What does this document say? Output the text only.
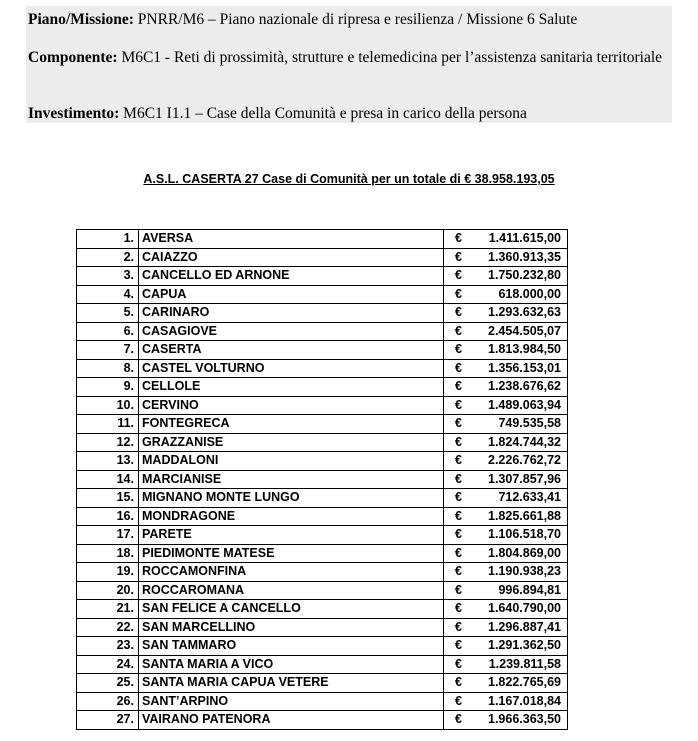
Piano/Missione: PNRR/M6 – Piano nazionale di ripresa e resilienza / Missione 6 Salute
Componente: M6C1 - Reti di prossimità, strutture e telemedicina per l’assistenza sanitaria territoriale
Investimento: M6C1 I1.1 – Case della Comunità e presa in carico della persona
A.S.L. CASERTA 27 Case di Comunità per un totale di € 38.958.193,05
1.	AVERSA	€	1.411.615,00
2.	CAIAZZO	€	1.360.913,35
3.	CANCELLO ED ARNONE	€	1.750.232,80
4.	CAPUA	€	618.000,00
5.	CARINARO	€	1.293.632,63
6.	CASAGIOVE	€	2.454.505,07
7.	CASERTA	€	1.813.984,50
8.	CASTEL VOLTURNO	€	1.356.153,01
9.	CELLOLE	€	1.238.676,62
10.	CERVINO	€	1.489.063,94
11.	FONTEGRECA	€	749.535,58
12.	GRAZZANISE	€	1.824.744,32
13.	MADDALONI	€	2.226.762,72
14.	MARCIANISE	€	1.307.857,96
15.	MIGNANO MONTE LUNGO	€	712.633,41
16.	MONDRAGONE	€	1.825.661,88
17.	PARETE	€	1.106.518,70
18.	PIEDIMONTE MATESE	€	1.804.869,00
19.	ROCCAMONFINA	€	1.190.938,23
20.	ROCCAROMANA	€	996.894,81
21.	SAN FELICE A CANCELLO	€	1.640.790,00
22.	SAN MARCELLINO	€	1.296.887,41
23.	SAN TAMMARO	€	1.291.362,50
24.	SANTA MARIA A VICO	€	1.239.811,58
25.	SANTA MARIA CAPUA VETERE	€	1.822.765,69
26.	SANT’ARPINO	€	1.167.018,84
27.	VAIRANO PATENORA	€	1.966.363,50
